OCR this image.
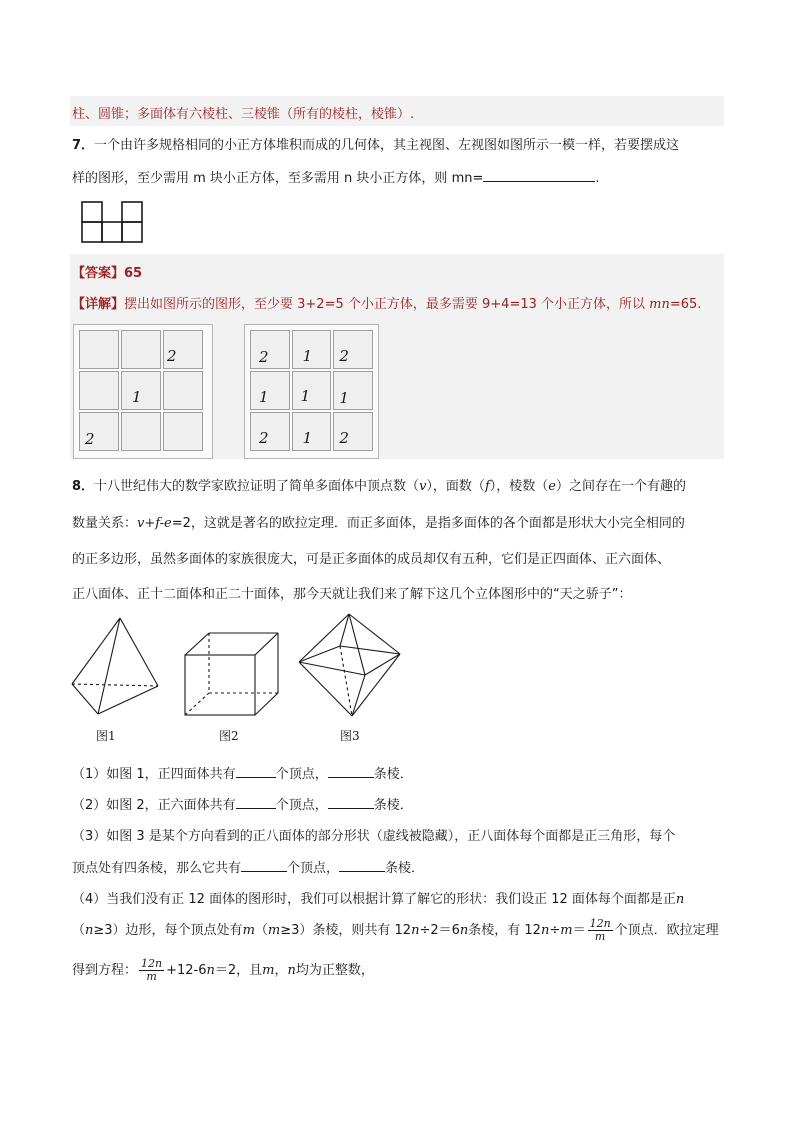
柱、圆锥；多面体有六棱柱、三棱锥（所有的棱柱，棱锥）.
7．一个由许多规格相同的小正方体堆积而成的几何体，其主视图、左视图如图所示一模一样，若要摆成这
样的图形，至少需用 m 块小正方体，至多需用 n 块小正方体，则 mn=	.
【答案】65
【详解】摆出如图所示的图形，至少要 3+2=5 个小正方体，最多需要 9+4=13 个小正方体，所以 mn=65.

		2

	1	

2		

2	1	2

1	1	1

2	1	2
8．十八世纪伟大的数学家欧拉证明了简单多面体中顶点数（v），面数（f），棱数（e）之间存在一个有趣的
数量关系：v+f-e=2，这就是著名的欧拉定理．而正多面体，是指多面体的各个面都是形状大小完全相同的
的正多边形，虽然多面体的家族很庞大，可是正多面体的成员却仅有五种，它们是正四面体、正六面体、
正八面体、正十二面体和正二十面体，那今天就让我们来了解下这几个立体图形中的“天之骄子”：
图1	图2	图3
（1）如图 1，正四面体共有	个顶点，	条棱．
（2）如图 2，正六面体共有	个顶点，	条棱．
（3）如图 3 是某个方向看到的正八面体的部分形状（虚线被隐藏），正八面体每个面都是正三角形，每个
顶点处有四条棱，那么它共有	个顶点，	条棱．
（4）当我们没有正 12 面体的图形时，我们可以根据计算了解它的形状：我们设正 12 面体每个面都是正n
（n≥3）边形，每个顶点处有m（m≥3）条棱，则共有 12n÷2＝6n条棱，有 $12n\div m= \frac{12n}{m}$ 个顶点．欧拉定理
得到方程： $\frac{12n}{m} +12-6n=2$，且m，n均为正整数，
